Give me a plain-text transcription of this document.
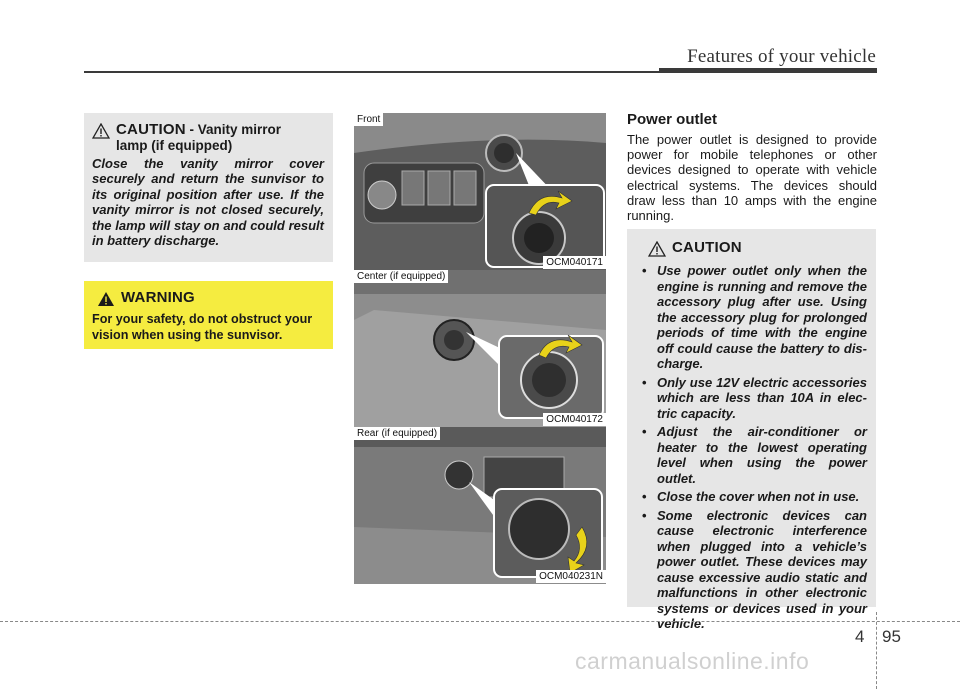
Features of your vehicle
CAUTION - Vanity mirror
lamp (if equipped)
Close the vanity mirror cover securely and return the sunvisor to its original position after use. If the vanity mirror is not closed securely, the lamp will stay on and could result in battery discharge.
WARNING
For your safety, do not obstruct your vision when using the sunvisor.
Front
OCM040171
Center (if equipped)
OCM040172
Rear (if equipped)
OCM040231N
Power outlet
The power outlet is designed to provide power for mobile telephones or other devices designed to operate with vehicle electrical systems. The devices should draw less than 10 amps with the engine running.
CAUTION
• Use power outlet only when the engine is running and remove the accessory plug after use. Using the accessory plug for prolonged periods of time with the engine off could cause the battery to dis-charge.
• Only use 12V electric accessories which are less than 10A in elec-tric capacity.
• Adjust the air-conditioner or heater to the lowest operating level when using the power outlet.
• Close the cover when not in use.
• Some electronic devices can cause electronic interference when plugged into a vehicle’s power outlet. These devices may cause excessive audio static and malfunctions in other electronic systems or devices used in your vehicle.
4 95
carmanualsonline.info
